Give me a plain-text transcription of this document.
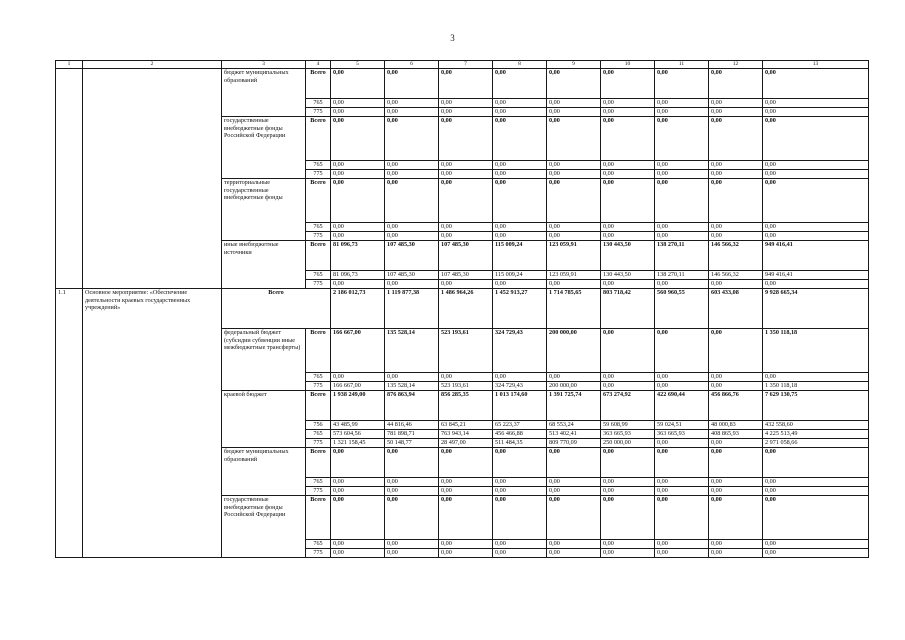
3
1	2	3	4	5	6	7	8	9	10	11	12	13
		бюджет муниципальных образований	Всего	0,00	0,00	0,00	0,00	0,00	0,00	0,00	0,00	0,00
			765	0,00	0,00	0,00	0,00	0,00	0,00	0,00	0,00	0,00
			775	0,00	0,00	0,00	0,00	0,00	0,00	0,00	0,00	0,00
		государственные внебюджетные фонды Российской Федерации	Всего	0,00	0,00	0,00	0,00	0,00	0,00	0,00	0,00	0,00
			765	0,00	0,00	0,00	0,00	0,00	0,00	0,00	0,00	0,00
			775	0,00	0,00	0,00	0,00	0,00	0,00	0,00	0,00	0,00
		территориальные государственные внебюджетные фонды	Всего	0,00	0,00	0,00	0,00	0,00	0,00	0,00	0,00	0,00
			765	0,00	0,00	0,00	0,00	0,00	0,00	0,00	0,00	0,00
			775	0,00	0,00	0,00	0,00	0,00	0,00	0,00	0,00	0,00
		иные внебюджетные источники	Всего	81 096,73	107 485,30	107 485,30	115 009,24	123 059,91	130 443,50	138 270,11	146 566,32	949 416,41
			765	81 096,73	107 485,30	107 485,30	115 009,24	123 059,91	130 443,50	138 270,11	146 566,32	949 416,41
			775	0,00	0,00	0,00	0,00	0,00	0,00	0,00	0,00	0,00
1.1	Основное мероприятие: «Обеспечение деятельности краевых государственных учреждений»	Всего		2 186 012,73	1 119 877,38	1 486 964,26	1 452 913,27	1 714 785,65	803 718,42	560 960,55	603 433,08	9 928 665,34
		федеральный бюджет (субсидии субвенции иные межбюджетные трансферты)	Всего	166 667,00	135 528,14	523 193,61	324 729,43	200 000,00	0,00	0,00	0,00	1 350 118,18
			765	0,00	0,00	0,00	0,00	0,00	0,00	0,00	0,00	0,00
			775	166 667,00	135 528,14	523 193,61	324 729,43	200 000,00	0,00	0,00	0,00	1 350 118,18
		краевой бюджет	Всего	1 938 249,00	876 863,94	856 285,35	1 013 174,60	1 391 725,74	673 274,92	422 690,44	456 866,76	7 629 130,75
			756	43 485,99	44 816,46	63 845,21	65 223,37	68 553,24	59 608,99	59 024,51	48 000,83	432 558,60
			765	573 604,56	781 898,71	763 943,14	456 466,88	513 402,41	363 665,93	363 665,93	408 865,93	4 225 513,49
			775	1 321 158,45	50 148,77	28 497,00	511 484,35	809 770,09	250 000,00	0,00	0,00	2 971 058,66
		бюджет муниципальных образований	Всего	0,00	0,00	0,00	0,00	0,00	0,00	0,00	0,00	0,00
			765	0,00	0,00	0,00	0,00	0,00	0,00	0,00	0,00	0,00
			775	0,00	0,00	0,00	0,00	0,00	0,00	0,00	0,00	0,00
		государственные внебюджетные фонды Российской Федерации	Всего	0,00	0,00	0,00	0,00	0,00	0,00	0,00	0,00	0,00
			765	0,00	0,00	0,00	0,00	0,00	0,00	0,00	0,00	0,00
			775	0,00	0,00	0,00	0,00	0,00	0,00	0,00	0,00	0,00
